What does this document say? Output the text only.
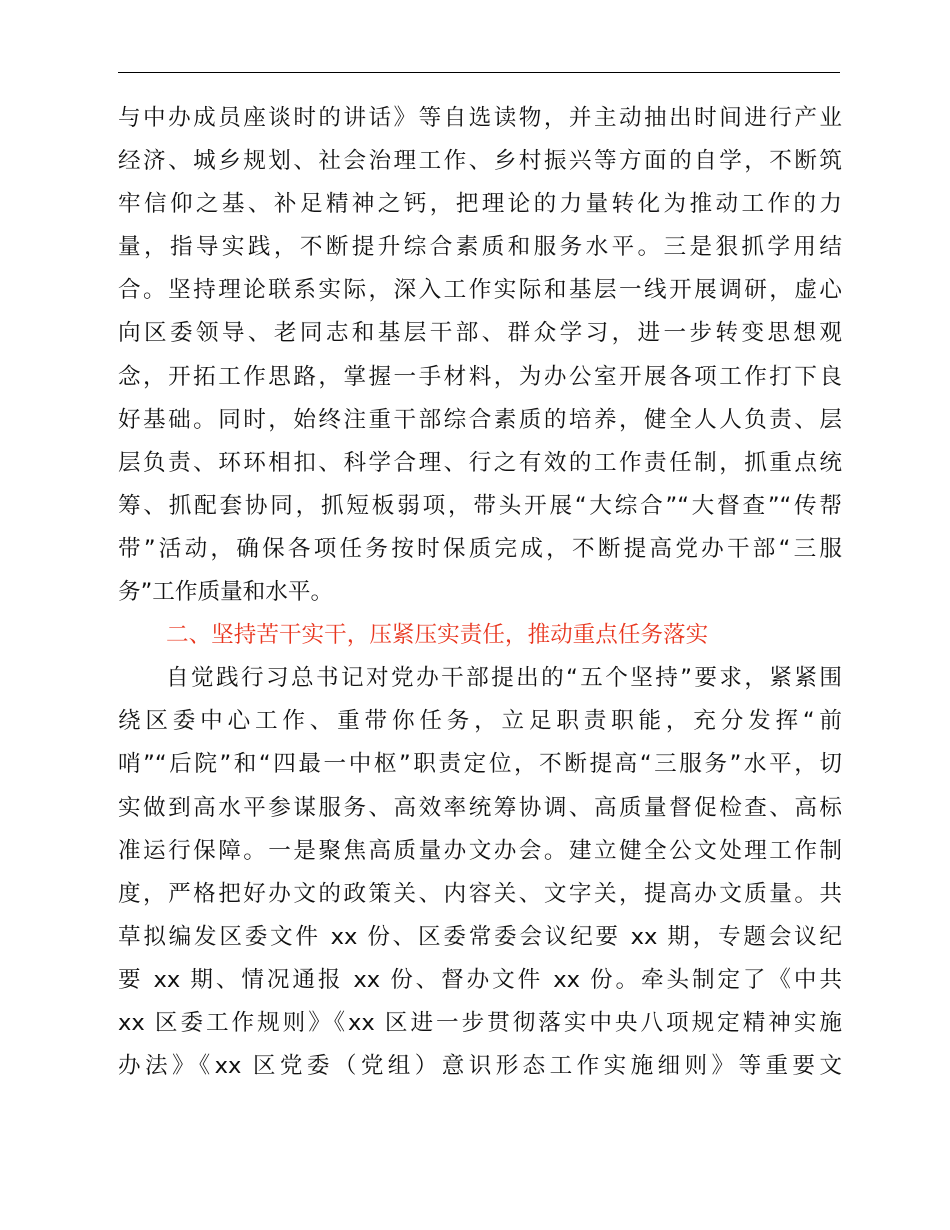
与中办成员座谈时的讲话》等自选读物，并主动抽出时间进行产业
经济、城乡规划、社会治理工作、乡村振兴等方面的自学，不断筑
牢信仰之基、补足精神之钙，把理论的力量转化为推动工作的力
量，指导实践，不断提升综合素质和服务水平。三是狠抓学用结
合。坚持理论联系实际，深入工作实际和基层一线开展调研，虚心
向区委领导、老同志和基层干部、群众学习，进一步转变思想观
念，开拓工作思路，掌握一手材料，为办公室开展各项工作打下良
好基础。同时，始终注重干部综合素质的培养，健全人人负责、层
层负责、环环相扣、科学合理、行之有效的工作责任制，抓重点统
筹、抓配套协同，抓短板弱项，带头开展“大综合”“大督查”“传帮
带”活动，确保各项任务按时保质完成，不断提高党办干部“三服
务”工作质量和水平。
二、坚持苦干实干，压紧压实责任，推动重点任务落实
自觉践行习总书记对党办干部提出的“五个坚持”要求，紧紧围
绕区委中心工作、重带你任务，立足职责职能，充分发挥“前
哨”“后院”和“四最一中枢”职责定位，不断提高“三服务”水平，切
实做到高水平参谋服务、高效率统筹协调、高质量督促检查、高标
准运行保障。一是聚焦高质量办文办会。建立健全公文处理工作制
度，严格把好办文的政策关、内容关、文字关，提高办文质量。共
草拟编发区委文件 xx 份、区委常委会议纪要 xx 期，专题会议纪
要 xx 期、情况通报 xx 份、督办文件 xx 份。牵头制定了《中共
xx 区委工作规则》《xx 区进一步贯彻落实中央八项规定精神实施
办法》《xx 区党委（党组）意识形态工作实施细则》等重要文
